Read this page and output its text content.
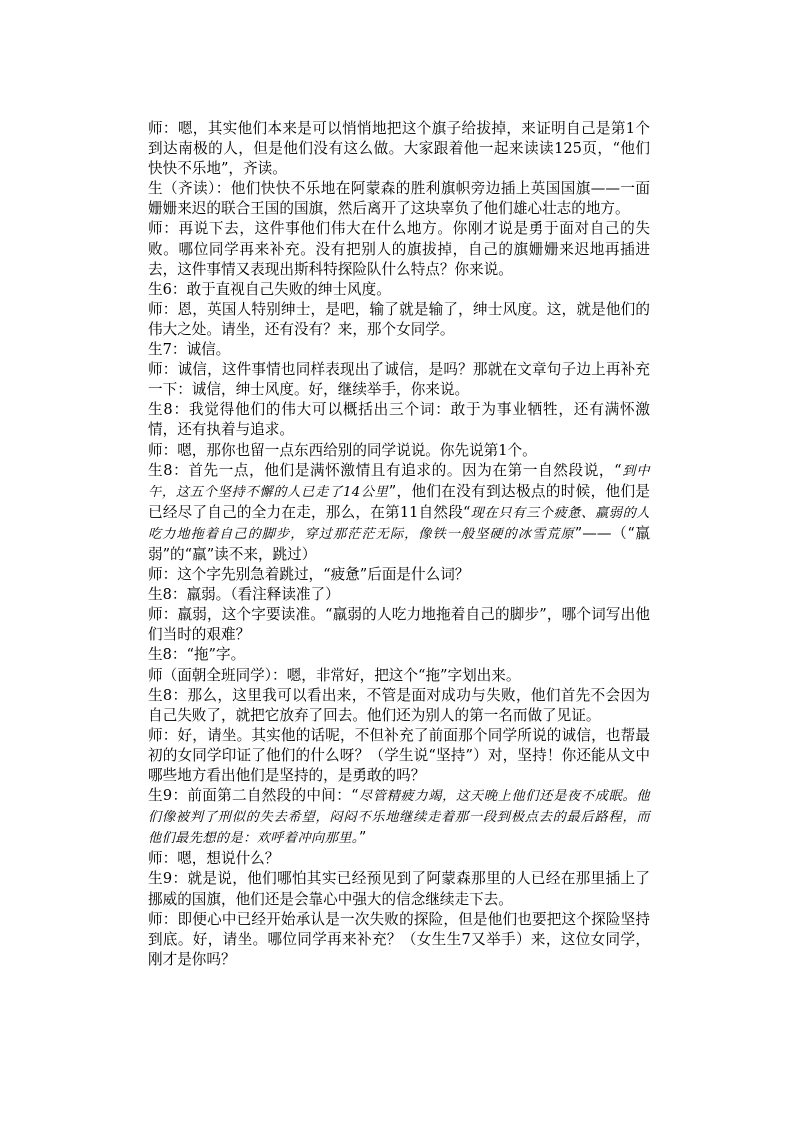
师：嗯，其实他们本来是可以悄悄地把这个旗子给拔掉，来证明自己是第1个到达南极的人，但是他们没有这么做。大家跟着他一起来读读125页，“他们快快不乐地”，齐读。

生（齐读）：他们快快不乐地在阿蒙森的胜利旗帜旁边插上英国国旗——一面姗姗来迟的联合王国的国旗，然后离开了这块辜负了他们雄心壮志的地方。

师：再说下去，这件事他们伟大在什么地方。你刚才说是勇于面对自己的失败。哪位同学再来补充。没有把别人的旗拔掉，自己的旗姗姗来迟地再插进去，这件事情又表现出斯科特探险队什么特点？你来说。

生6：敢于直视自己失败的绅士风度。

师：恩，英国人特别绅士，是吧，输了就是输了，绅士风度。这，就是他们的伟大之处。请坐，还有没有？来，那个女同学。

生7：诚信。

师：诚信，这件事情也同样表现出了诚信，是吗？那就在文章句子边上再补充一下：诚信，绅士风度。好，继续举手，你来说。

生8：我觉得他们的伟大可以概括出三个词：敢于为事业牺牲，还有满怀激情，还有执着与追求。

师：嗯，那你也留一点东西给别的同学说说。你先说第1个。

生8：首先一点，他们是满怀激情且有追求的。因为在第一自然段说，“到中午，这五个坚持不懈的人已走了14公里”，他们在没有到达极点的时候，他们是已经尽了自己的全力在走，那么，在第11自然段“现在只有三个疲惫、羸弱的人吃力地拖着自己的脚步，穿过那茫茫无际，像铁一般坚硬的冰雪荒原”——（“羸弱”的“羸”读不来，跳过）

师：这个字先别急着跳过，“疲惫”后面是什么词？

生8：羸弱。（看注释读准了）

师：羸弱，这个字要读准。“羸弱的人吃力地拖着自己的脚步”，哪个词写出他们当时的艰难？

生8：“拖”字。

师（面朝全班同学）：嗯，非常好，把这个“拖”字划出来。

生8：那么，这里我可以看出来，不管是面对成功与失败，他们首先不会因为自己失败了，就把它放弃了回去。他们还为别人的第一名而做了见证。

师：好，请坐。其实他的话呢，不但补充了前面那个同学所说的诚信，也帮最初的女同学印证了他们的什么呀？（学生说“坚持”）对，坚持！你还能从文中哪些地方看出他们是坚持的，是勇敢的吗？

生9：前面第二自然段的中间：“尽管精疲力竭，这天晚上他们还是夜不成眠。他们像被判了刑似的失去希望，闷闷不乐地继续走着那一段到极点去的最后路程，而他们最先想的是：欢呼着冲向那里。”

师：嗯，想说什么？

生9：就是说，他们哪怕其实已经预见到了阿蒙森那里的人已经在那里插上了挪威的国旗，他们还是会靠心中强大的信念继续走下去。

师：即便心中已经开始承认是一次失败的探险，但是他们也要把这个探险坚持到底。好，请坐。哪位同学再来补充？（女生生7又举手）来，这位女同学，刚才是你吗？
